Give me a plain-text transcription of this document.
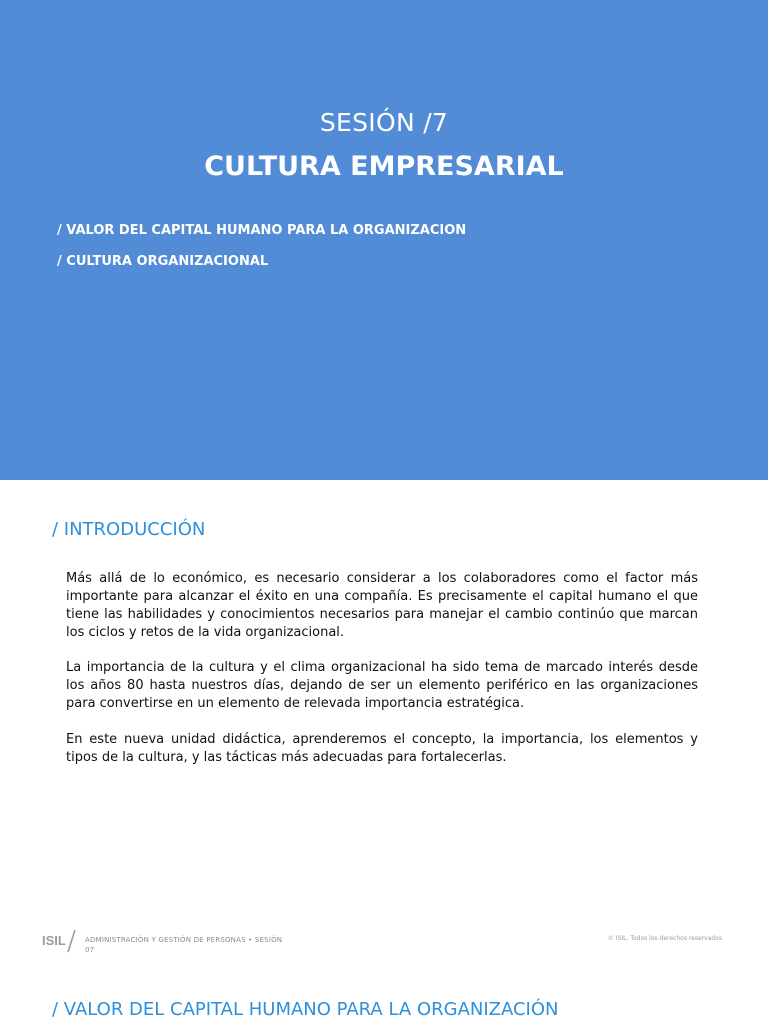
SESIÓN /7
CULTURA EMPRESARIAL
/ VALOR DEL CAPITAL HUMANO PARA LA ORGANIZACION
/ CULTURA ORGANIZACIONAL
/ INTRODUCCIÓN

Más allá de lo económico, es necesario considerar a los colaboradores como el factor más importante para alcanzar el éxito en una compañía. Es precisamente el capital humano el que tiene las habilidades y conocimientos necesarios para manejar el cambio continúo que marcan los ciclos y retos de la vida organizacional.

La importancia de la cultura y el clima organizacional ha sido tema de marcado interés desde los años 80 hasta nuestros días, dejando de ser un elemento periférico en las organizaciones para convertirse en un elemento de relevada importancia estratégica.

En este nueva unidad didáctica, aprenderemos el concepto, la importancia, los elementos y tipos de la cultura, y las tácticas más adecuadas para fortalecerlas.

ISIL	ADMINISTRACIÓN Y GESTIÓN DE PERSONAS • SESIÓN 07
© ISIL. Todos los derechos reservados
/ VALOR DEL CAPITAL HUMANO PARA LA ORGANIZACIÓN
